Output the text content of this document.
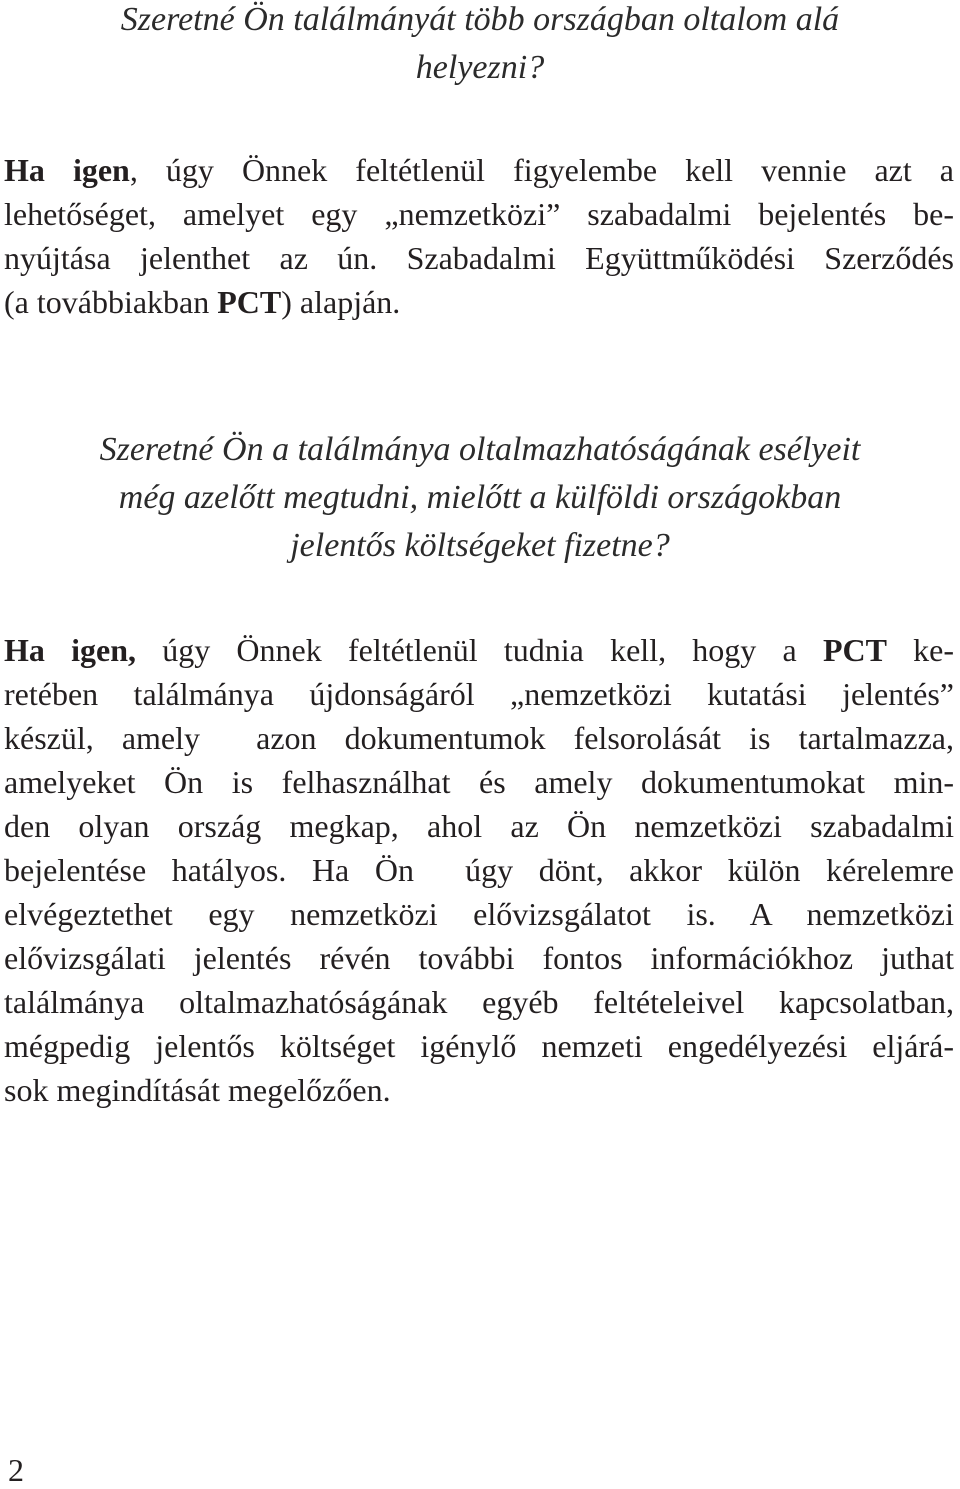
Szeretné Ön találmányát több országban oltalom alá
helyezni?
Ha igen, úgy Önnek feltétlenül figyelembe kell vennie azt a
lehetőséget, amelyet egy „nemzetközi” szabadalmi bejelentés be-
nyújtása jelenthet az ún. Szabadalmi Együttműködési Szerződés
(a továbbiakban PCT) alapján.
Szeretné Ön a találmánya oltalmazhatóságának esélyeit
még azelőtt megtudni, mielőtt a külföldi országokban
jelentős költségeket fizetne?
Ha igen, úgy Önnek feltétlenül tudnia kell, hogy a PCT ke-
retében találmánya újdonságáról „nemzetközi kutatási jelentés”
készül, amely  azon dokumentumok felsorolását is tartalmazza,
amelyeket Ön is felhasználhat és amely dokumentumokat min-
den olyan ország megkap, ahol az Ön nemzetközi szabadalmi
bejelentése hatályos. Ha Ön  úgy dönt, akkor külön kérelemre
elvégeztethet egy nemzetközi elővizsgálatot is. A nemzetközi
elővizsgálati jelentés révén további fontos információkhoz juthat
találmánya oltalmazhatóságának egyéb feltételeivel kapcsolatban,
mégpedig jelentős költséget igénylő nemzeti engedélyezési eljárá-
sok megindítását megelőzően.
2
